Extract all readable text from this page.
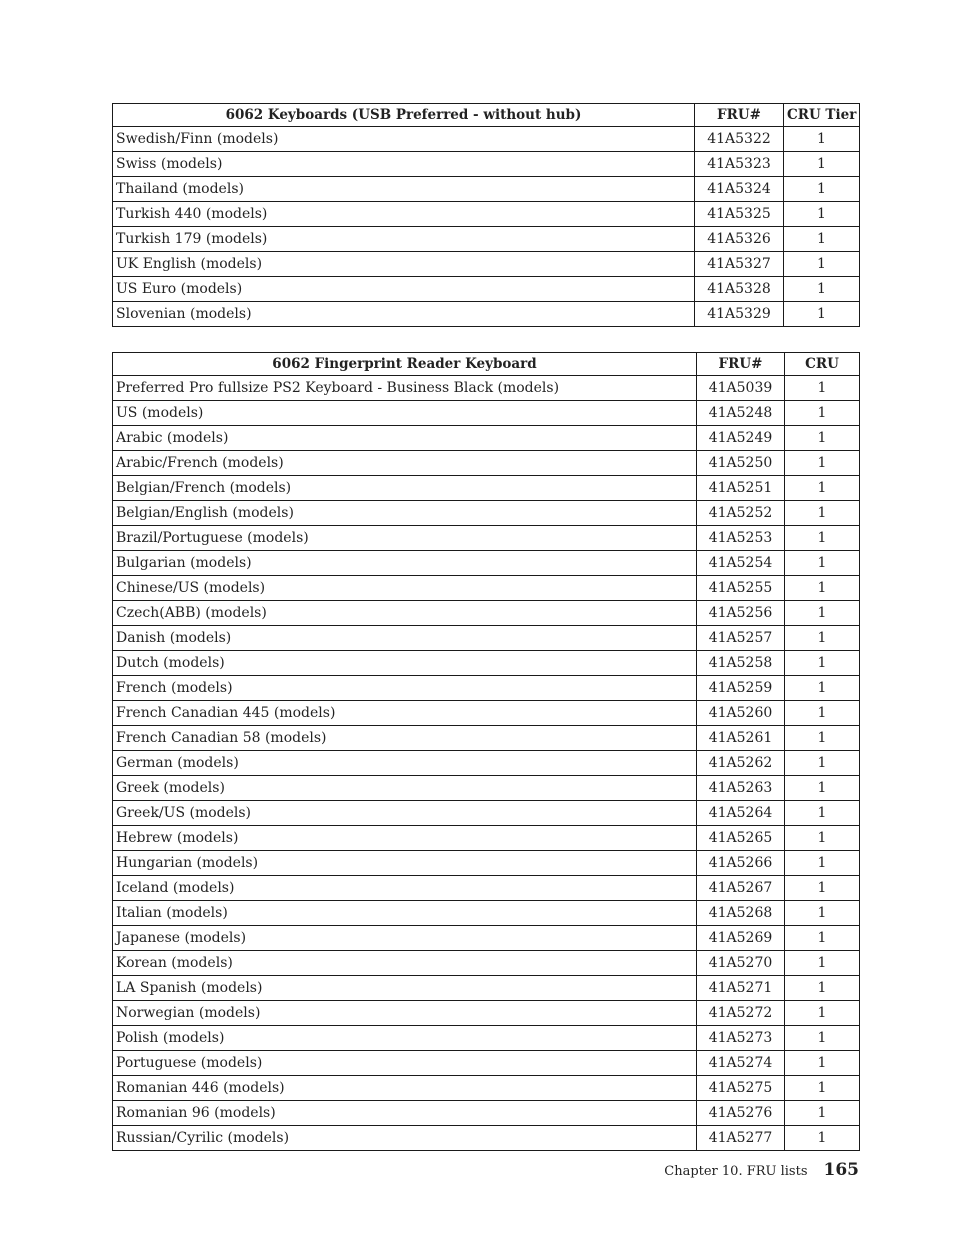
6062 Keyboards (USB Preferred - without hub)	FRU#	CRU Tier
Swedish/Finn (models)	41A5322	1
Swiss (models)	41A5323	1
Thailand (models)	41A5324	1
Turkish 440 (models)	41A5325	1
Turkish 179 (models)	41A5326	1
UK English (models)	41A5327	1
US Euro (models)	41A5328	1
Slovenian (models)	41A5329	1
6062 Fingerprint Reader Keyboard	FRU#	CRU
Preferred Pro fullsize PS2 Keyboard - Business Black (models)	41A5039	1
US (models)	41A5248	1
Arabic (models)	41A5249	1
Arabic/French (models)	41A5250	1
Belgian/French (models)	41A5251	1
Belgian/English (models)	41A5252	1
Brazil/Portuguese (models)	41A5253	1
Bulgarian (models)	41A5254	1
Chinese/US (models)	41A5255	1
Czech(ABB) (models)	41A5256	1
Danish (models)	41A5257	1
Dutch (models)	41A5258	1
French (models)	41A5259	1
French Canadian 445 (models)	41A5260	1
French Canadian 58 (models)	41A5261	1
German (models)	41A5262	1
Greek (models)	41A5263	1
Greek/US (models)	41A5264	1
Hebrew (models)	41A5265	1
Hungarian (models)	41A5266	1
Iceland (models)	41A5267	1
Italian (models)	41A5268	1
Japanese (models)	41A5269	1
Korean (models)	41A5270	1
LA Spanish (models)	41A5271	1
Norwegian (models)	41A5272	1
Polish (models)	41A5273	1
Portuguese (models)	41A5274	1
Romanian 446 (models)	41A5275	1
Romanian 96 (models)	41A5276	1
Russian/Cyrilic (models)	41A5277	1
Chapter 10. FRU lists 165
